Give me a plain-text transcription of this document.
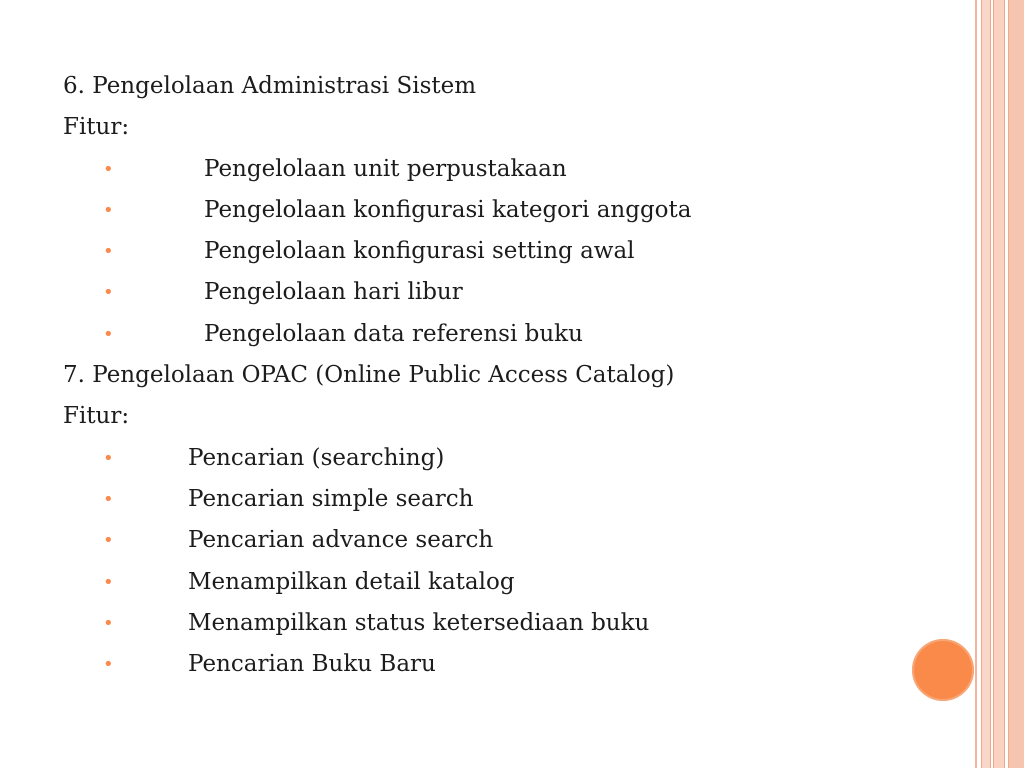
6. Pengelolaan Administrasi Sistem
Fitur:
•	Pengelolaan unit perpustakaan
•	Pengelolaan konfigurasi kategori anggota
•	Pengelolaan konfigurasi setting awal
•	Pengelolaan hari libur
•	Pengelolaan data referensi buku
7. Pengelolaan OPAC (Online Public Access Catalog)
Fitur:
•	Pencarian (searching)
•	Pencarian simple search
•	Pencarian advance search
•	Menampilkan detail katalog
•	Menampilkan status ketersediaan buku
•	Pencarian Buku Baru
